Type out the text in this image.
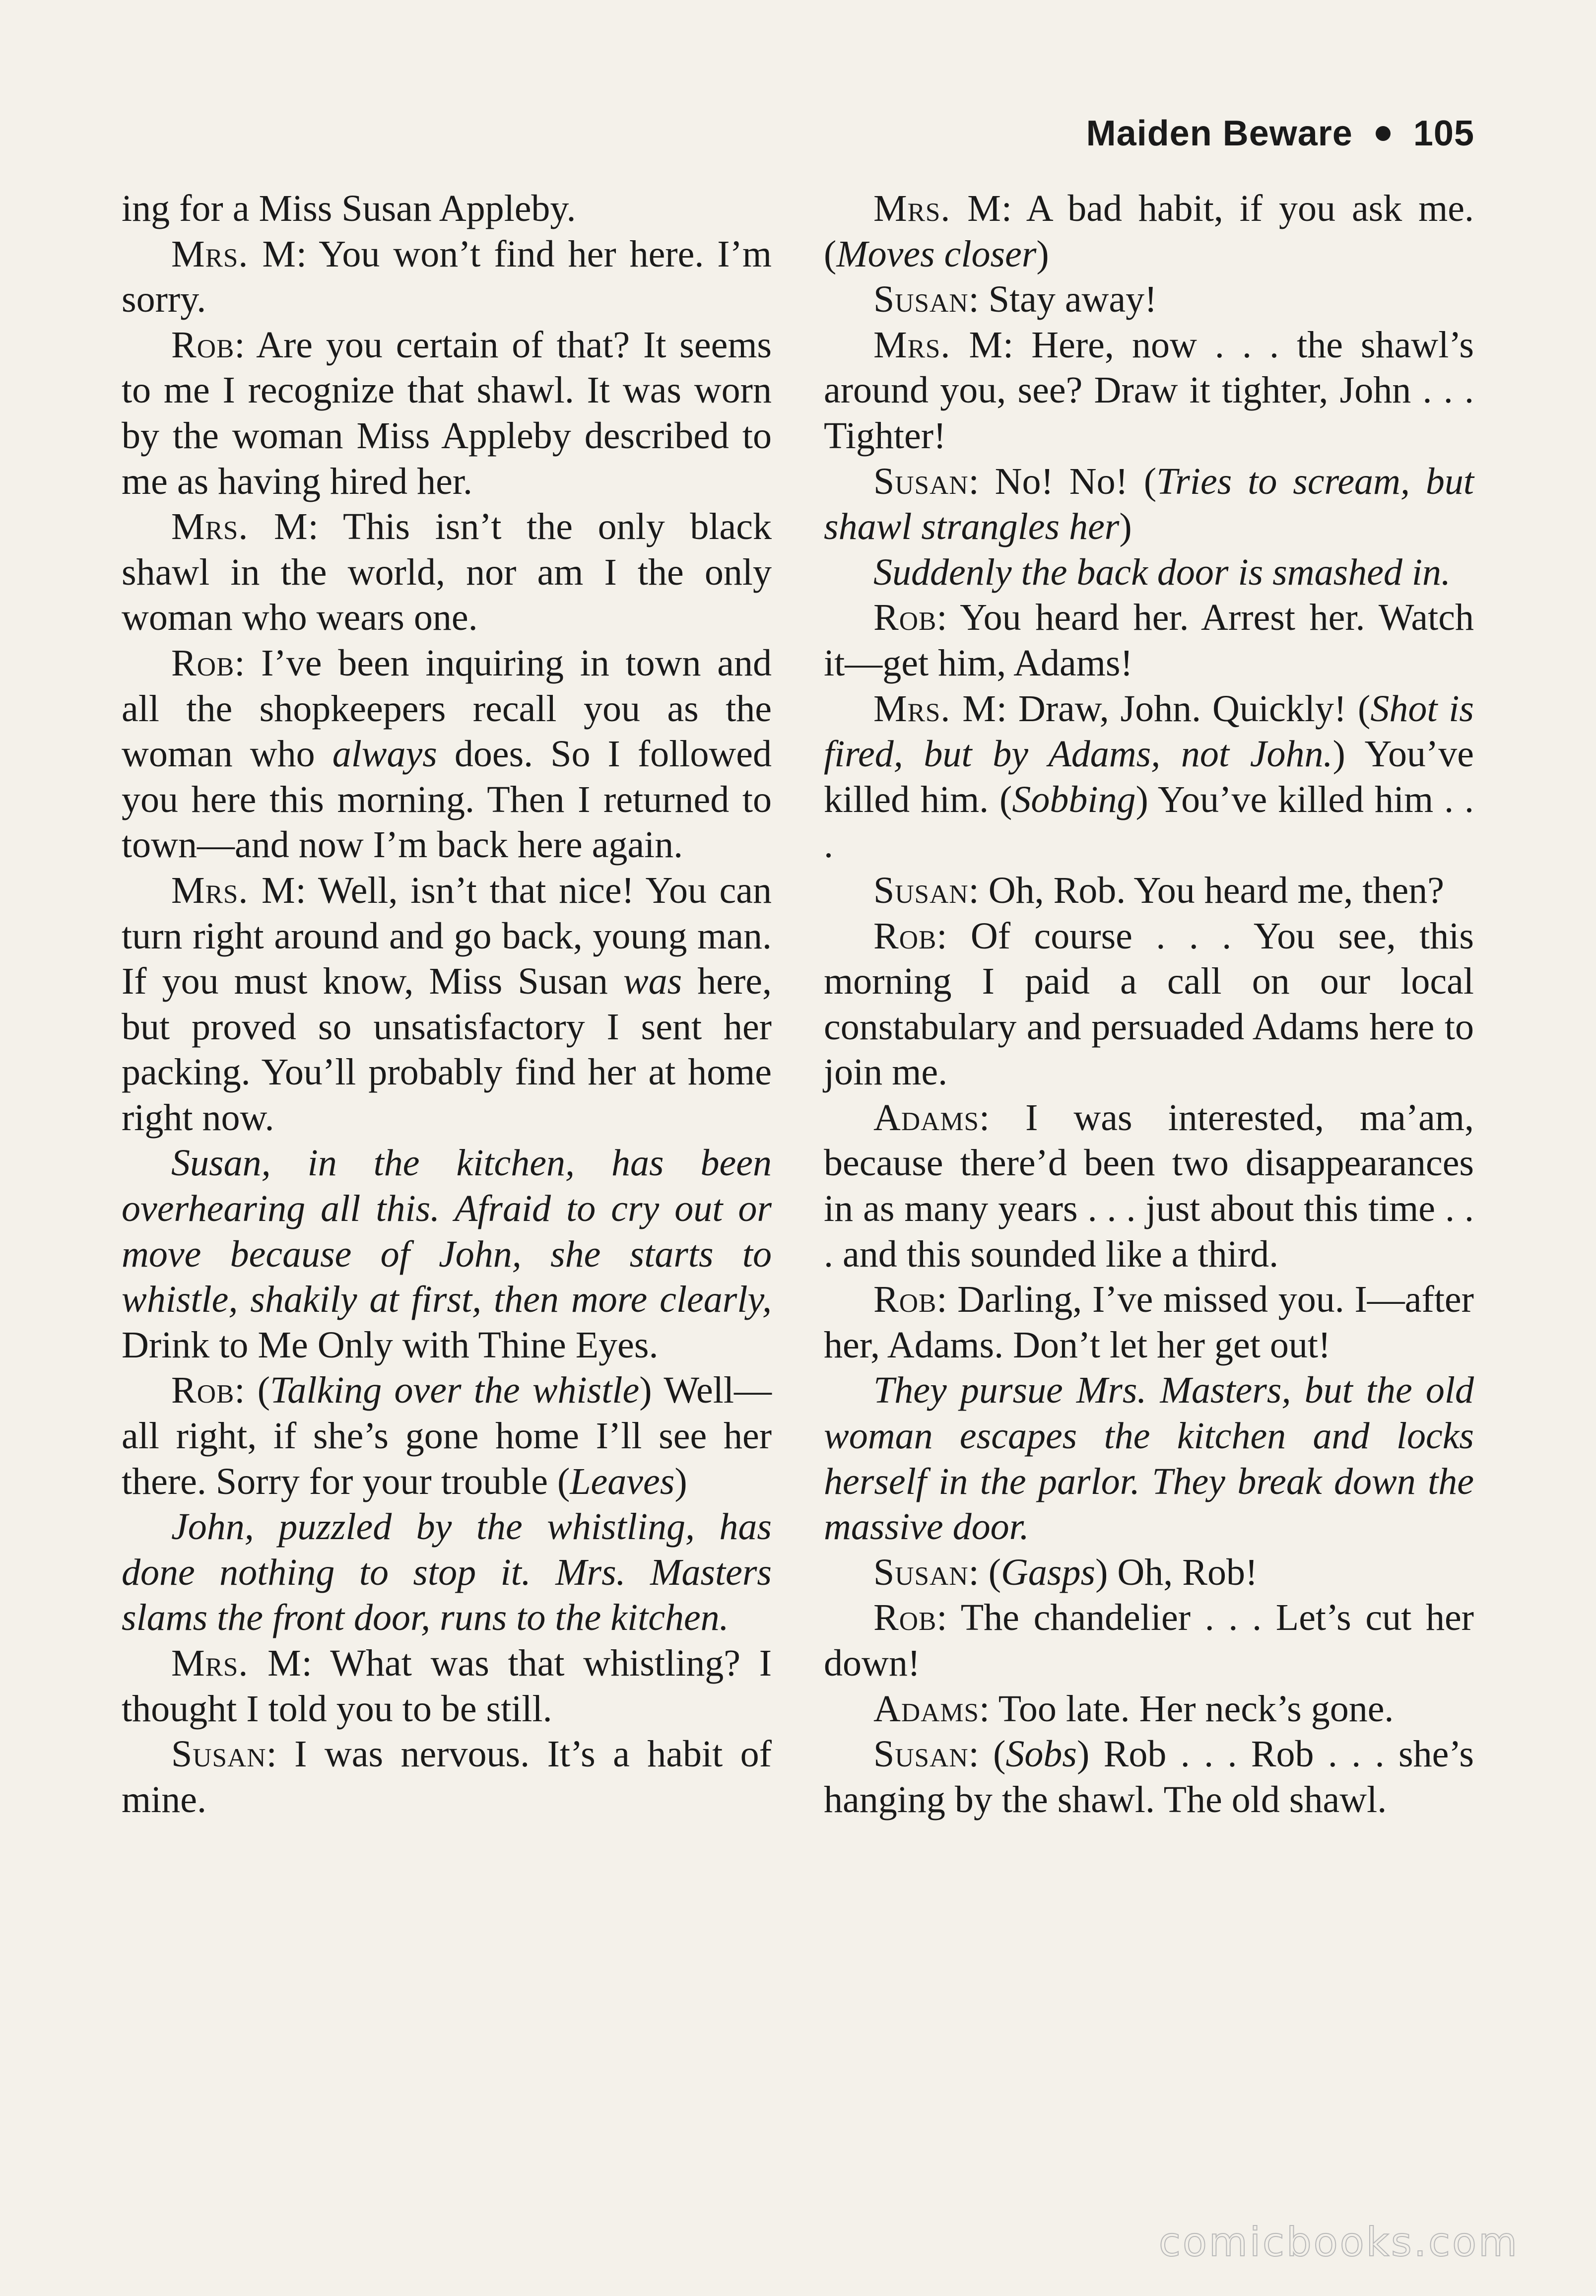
Maiden Beware 105

ing for a Miss Susan Appleby.

Mrs. M: You won’t find her here. I’m sorry.

Rob: Are you certain of that? It seems to me I recognize that shawl. It was worn by the woman Miss Appleby described to me as having hired her.

Mrs. M: This isn’t the only black shawl in the world, nor am I the only woman who wears one.

Rob: I’ve been inquiring in town and all the shopkeepers recall you as the woman who always does. So I followed you here this morning. Then I returned to town—and now I’m back here again.

Mrs. M: Well, isn’t that nice! You can turn right around and go back, young man. If you must know, Miss Susan was here, but proved so unsatisfactory I sent her packing. You’ll probably find her at home right now.

Susan, in the kitchen, has been overhearing all this. Afraid to cry out or move because of John, she starts to whistle, shakily at first, then more clearly, Drink to Me Only with Thine Eyes.

Rob: (Talking over the whistle) Well—all right, if she’s gone home I’ll see her there. Sorry for your trouble (Leaves)

John, puzzled by the whistling, has done nothing to stop it. Mrs. Masters slams the front door, runs to the kitchen.

Mrs. M: What was that whistling? I thought I told you to be still.

Susan: I was nervous. It’s a habit of mine.

Mrs. M: A bad habit, if you ask me. (Moves closer)

Susan: Stay away!

Mrs. M: Here, now . . . the shawl’s around you, see? Draw it tighter, John . . . Tighter!

Susan: No! No! (Tries to scream, but shawl strangles her)

Suddenly the back door is smashed in.

Rob: You heard her. Arrest her. Watch it—get him, Adams!

Mrs. M: Draw, John. Quickly! (Shot is fired, but by Adams, not John.) You’ve killed him. (Sobbing) You’ve killed him . . .

Susan: Oh, Rob. You heard me, then?

Rob: Of course . . . You see, this morning I paid a call on our local constabulary and persuaded Adams here to join me.

Adams: I was interested, ma’am, because there’d been two disappearances in as many years . . . just about this time . . . and this sounded like a third.

Rob: Darling, I’ve missed you. I—after her, Adams. Don’t let her get out!

They pursue Mrs. Masters, but the old woman escapes the kitchen and locks herself in the parlor. They break down the massive door.

Susan: (Gasps) Oh, Rob!

Rob: The chandelier . . . Let’s cut her down!

Adams: Too late. Her neck’s gone.

Susan: (Sobs) Rob . . . Rob . . . she’s hanging by the shawl. The old shawl.

comicbooks.com
